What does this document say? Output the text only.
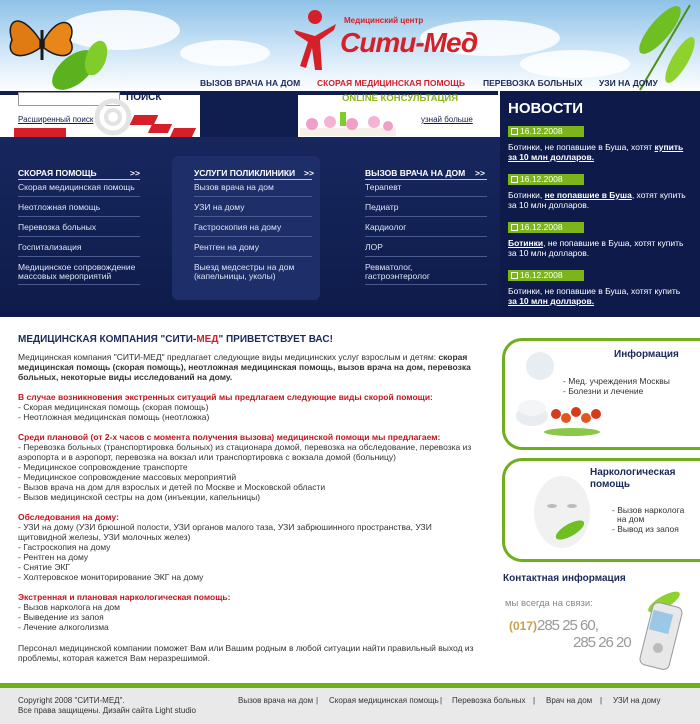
Медицинский центр
Сити-Мед
ВЫЗОВ ВРАЧА НА ДОМ СКОРАЯ МЕДИЦИНСКАЯ ПОМОЩЬ ПЕРЕВОЗКА БОЛЬНЫХ УЗИ НА ДОМУ
ПОИСК
Расширенный поиск
ONLINE КОНСУЛЬТАЦИЯ
узнай больше
СКОРАЯ ПОМОЩЬ	>>
Скорая медицинская помощь
Неотложная помощь
Перевозка больных
Госпитализация
Медицинское сопровождение
массовых мероприятий
УСЛУГИ ПОЛИКЛИНИКИ >>
Вызов врача на дом
УЗИ на дому
Гастроскопия на дому
Рентген на дому
Выезд медсестры на дом
(капельницы, уколы)
ВЫЗОВ ВРАЧА НА ДОМ >>
Терапевт
Педиатр
Кардиолог
ЛОР
Ревматолог,
гастроэнтеролог
НОВОСТИ
16.12.2008
Ботинки, не попавшие в Буша, хотят купить
за 10 млн долларов.
16.12.2008
Ботинки, не попавшие в Буша, хотят купить
за 10 млн долларов.
16.12.2008
Ботинки, не попавшие в Буша, хотят купить
за 10 млн долларов.
16.12.2008
Ботинки, не попавшие в Буша, хотят купить
за 10 млн долларов.
МЕДИЦИНСКАЯ КОМПАНИЯ "СИТИ-МЕД" ПРИВЕТСТВУЕТ ВАС!
Медицинская компания "СИТИ-МЕД" предлагает следующие виды медицинских услуг взрослым и детям: скорая медицинская помощь (скорая помощь), неотложная медицинская помощь, вызов врача на дом, перевозка больных, некоторые виды исследований на дому.
В случае возникновения экстренных ситуаций мы предлагаем следующие виды скорой помощи:
- Скорая медицинская помощь (скорая помощь)
- Неотложная медицинская помощь (неотложка)
Среди плановой (от 2-х часов с момента получения вызова) медицинской помощи мы предлагаем:
- Перевозка больных (транспортировка больных) из стационара домой, перевозка на обследование, перевозка из
аэропорта и в аэропорт, перевозка на вокзал или транспортировка с вокзала домой (больницу)
- Медицинское сопровождение транспорте
- Медицинское сопровождение массовых мероприятий
- Вызов врача на дом для взрослых и детей по Москве и Московской области
- Вызов медицинской сестры на дом (инъекции, капельницы)
Обследования на дому:
- УЗИ на дому (УЗИ брюшной полости, УЗИ органов малого таза, УЗИ забрюшинного пространства, УЗИ
щитовидной железы, УЗИ молочных желез)
- Гастроскопия на дому
- Рентген на дому
- Снятие ЭКГ
- Холтеровское мониторирование ЭКГ на дому
Экстренная и плановая наркологическая помощь:
- Вызов нарколога на дом
- Выведение из запоя
- Лечение алкоголизма
Персонал медицинской компании поможет Вам или Вашим родным в любой ситуации найти правильный выход из проблемы, которая кажется Вам неразрешимой.
Информация
- Мед. учреждения Москвы
- Болезни и лечение
Наркологическая
помощь
- Вызов нарколога
на дом
- Вывод из запоя
Контактная информация
мы всегда на связи:
(017) 285 25 60,
285 26 20
Copyright 2008 "СИТИ-МЕД".
Все права защищены. Дизайн сайта Light studio
Вызов врача на дом | Скорая медицинская помощь | Перевозка больных | Врач на дом | УЗИ на дому
